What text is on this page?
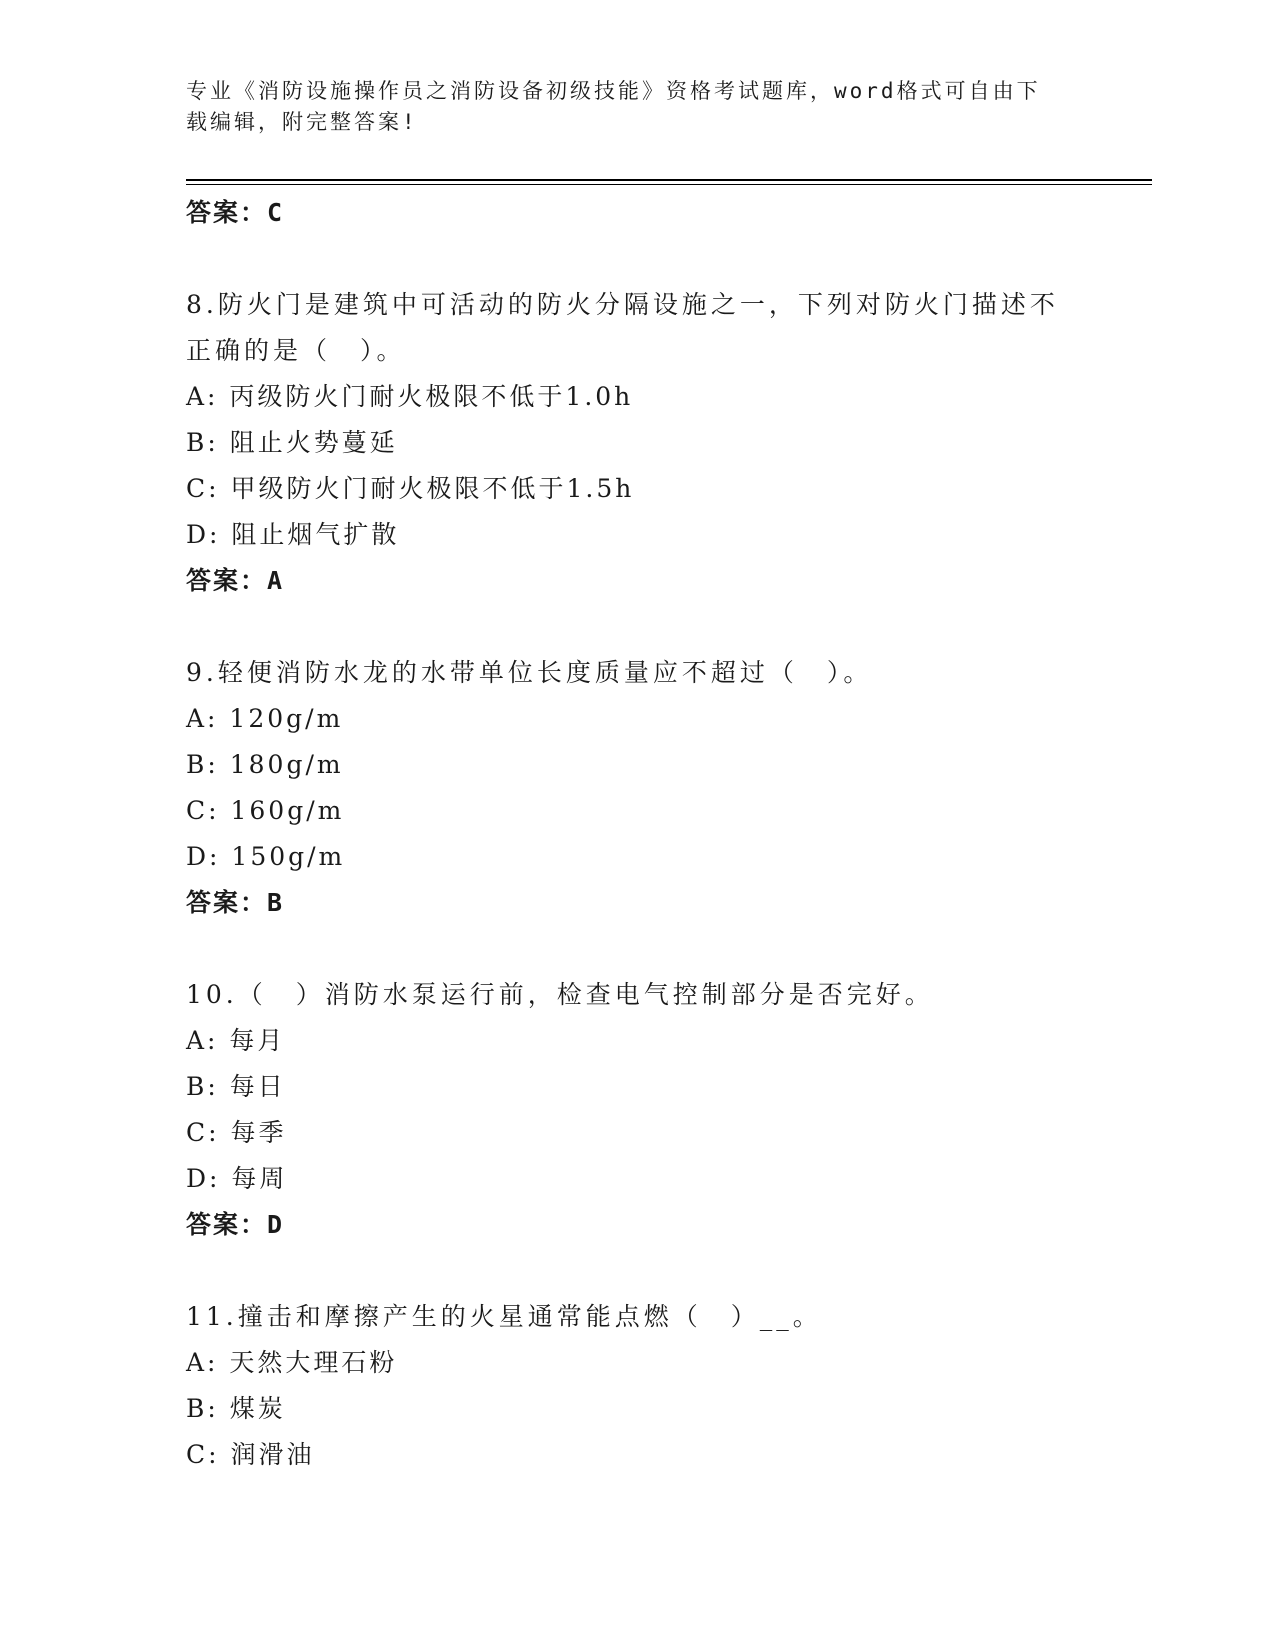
专业《消防设施操作员之消防设备初级技能》资格考试题库，word格式可自由下
载编辑，附完整答案!
答案：C
8.防火门是建筑中可活动的防火分隔设施之一，下列对防火门描述不
正确的是（　）。
A: 丙级防火门耐火极限不低于1.0h
B: 阻止火势蔓延
C: 甲级防火门耐火极限不低于1.5h
D: 阻止烟气扩散
答案：A
9.轻便消防水龙的水带单位长度质量应不超过（　）。
A: 120g/m
B: 180g/m
C: 160g/m
D: 150g/m
答案：B
10.（　）消防水泵运行前，检查电气控制部分是否完好。
A: 每月
B: 每日
C: 每季
D: 每周
答案：D
11.撞击和摩擦产生的火星通常能点燃（　）__。
A: 天然大理石粉
B: 煤炭
C: 润滑油
